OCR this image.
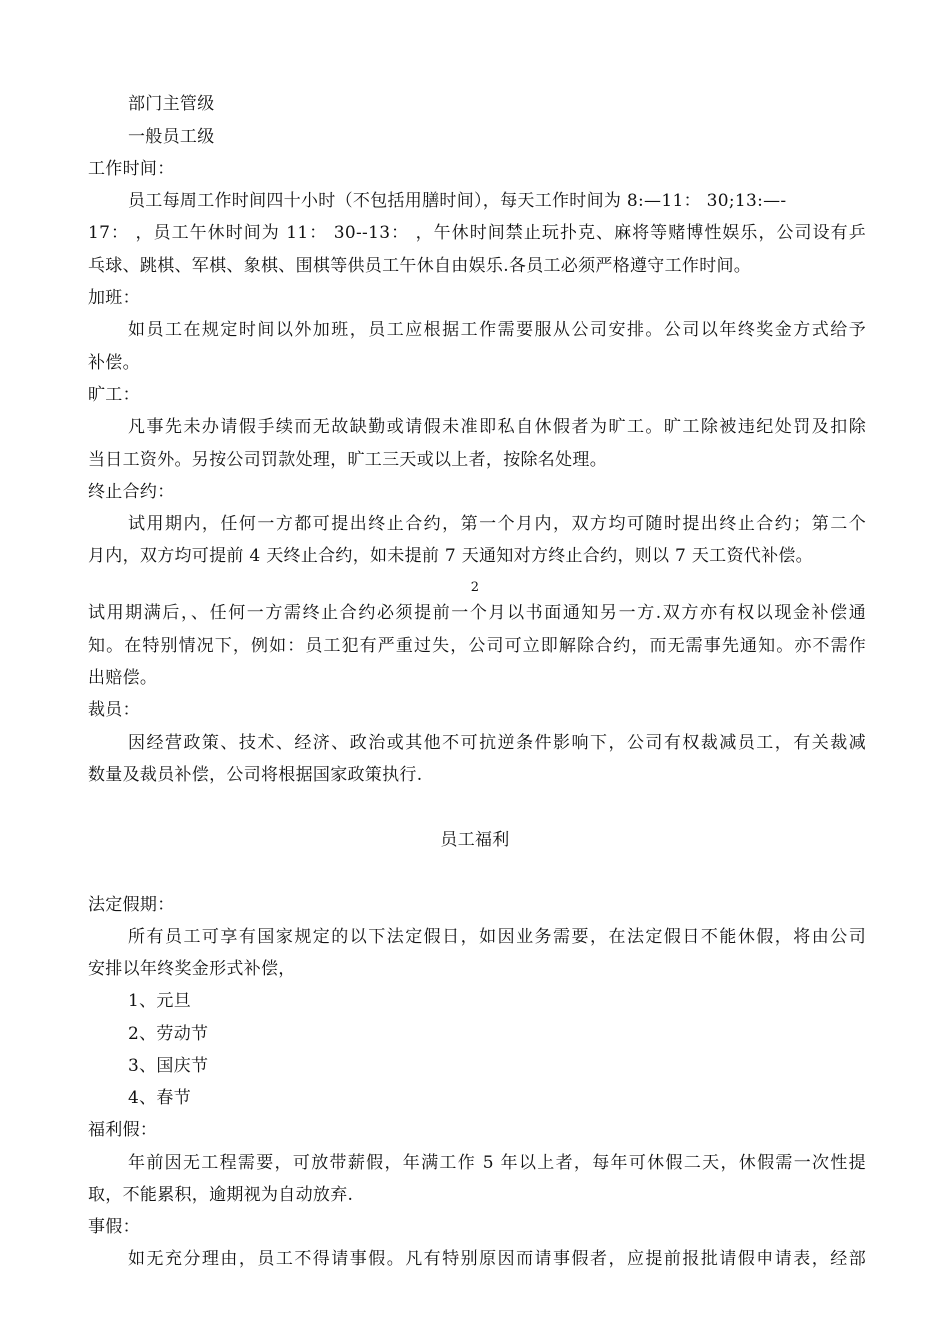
部门主管级
一般员工级
工作时间：
员工每周工作时间四十小时（不包括用膳时间），每天工作时间为 8:—11： 30;13:—-
17： ，员工午休时间为 11： 30--13： ，午休时间禁止玩扑克、麻将等赌博性娱乐，公司设有乒
乓球、跳棋、军棋、象棋、围棋等供员工午休自由娱乐.各员工必须严格遵守工作时间。
加班：
如员工在规定时间以外加班，员工应根据工作需要服从公司安排。公司以年终奖金方式给予
补偿。
旷工：
凡事先未办请假手续而无故缺勤或请假未准即私自休假者为旷工。旷工除被违纪处罚及扣除
当日工资外。另按公司罚款处理，旷工三天或以上者，按除名处理。
终止合约：
试用期内，任何一方都可提出终止合约，第一个月内，双方均可随时提出终止合约；第二个
月内，双方均可提前 4 天终止合约，如未提前 7 天通知对方终止合约，则以 7 天工资代补偿。
2
试用期满后，、任何一方需终止合约必须提前一个月以书面通知另一方.双方亦有权以现金补偿通
知。在特别情况下，例如：员工犯有严重过失，公司可立即解除合约，而无需事先通知。亦不需作
出赔偿。
裁员：
因经营政策、技术、经济、政治或其他不可抗逆条件影响下，公司有权裁减员工，有关裁减
数量及裁员补偿，公司将根据国家政策执行.
员工福利
法定假期：
所有员工可享有国家规定的以下法定假日，如因业务需要，在法定假日不能休假，将由公司
安排以年终奖金形式补偿，
1、元旦
2、劳动节
3、国庆节
4、春节
福利假：
年前因无工程需要，可放带薪假，年满工作 5 年以上者，每年可休假二天，休假需一次性提
取，不能累积，逾期视为自动放弃.
事假：
如无充分理由，员工不得请事假。凡有特别原因而请事假者，应提前报批请假申请表，经部
